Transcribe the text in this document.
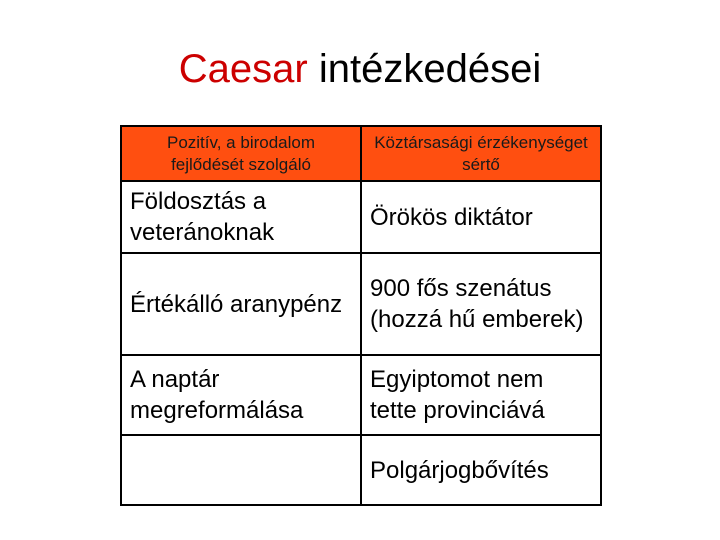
Caesar intézkedései
Pozitív, a birodalom fejlődését szolgáló	Köztársasági érzékenységet sértő
Földosztás a veteránoknak	Örökös diktátor
Értékálló aranypénz	900 fős szenátus (hozzá hű emberek)
A naptár megreformálása	Egyiptomot nem tette provinciává
	Polgárjogbővítés
